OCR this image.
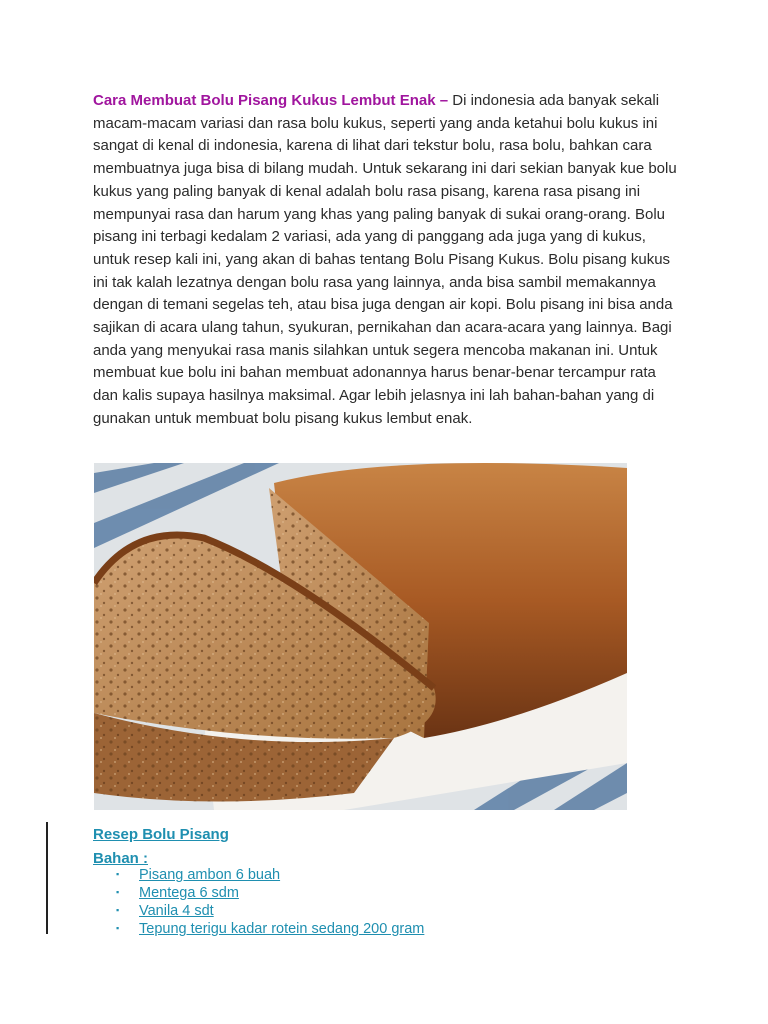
Cara Membuat Bolu Pisang Kukus Lembut Enak – Di indonesia ada banyak sekali macam-macam variasi dan rasa bolu kukus, seperti yang anda ketahui bolu kukus ini sangat di kenal di indonesia, karena di lihat dari tekstur bolu, rasa bolu, bahkan cara membuatnya juga bisa di bilang mudah. Untuk sekarang ini dari sekian banyak kue bolu kukus yang paling banyak di kenal adalah bolu rasa pisang, karena rasa pisang ini mempunyai rasa dan harum yang khas yang paling banyak di sukai orang-orang. Bolu pisang ini terbagi kedalam 2 variasi, ada yang di panggang ada juga yang di kukus, untuk resep kali ini, yang akan di bahas tentang Bolu Pisang Kukus. Bolu pisang kukus ini tak kalah lezatnya dengan bolu rasa yang lainnya, anda bisa sambil memakannya dengan di temani segelas teh, atau bisa juga dengan air kopi. Bolu pisang ini bisa anda sajikan di acara ulang tahun, syukuran, pernikahan dan acara-acara yang lainnya. Bagi anda yang menyukai rasa manis silahkan untuk segera mencoba makanan ini. Untuk membuat kue bolu ini bahan membuat adonannya harus benar-benar tercampur rata dan kalis supaya hasilnya maksimal. Agar lebih jelasnya ini lah bahan-bahan yang di gunakan untuk membuat bolu pisang kukus lembut enak.

Resep Bolu Pisang
Bahan :
▪ Pisang ambon 6 buah
▪ Mentega 6 sdm
▪ Vanila 4 sdt
▪ Tepung terigu kadar rotein sedang 200 gram
